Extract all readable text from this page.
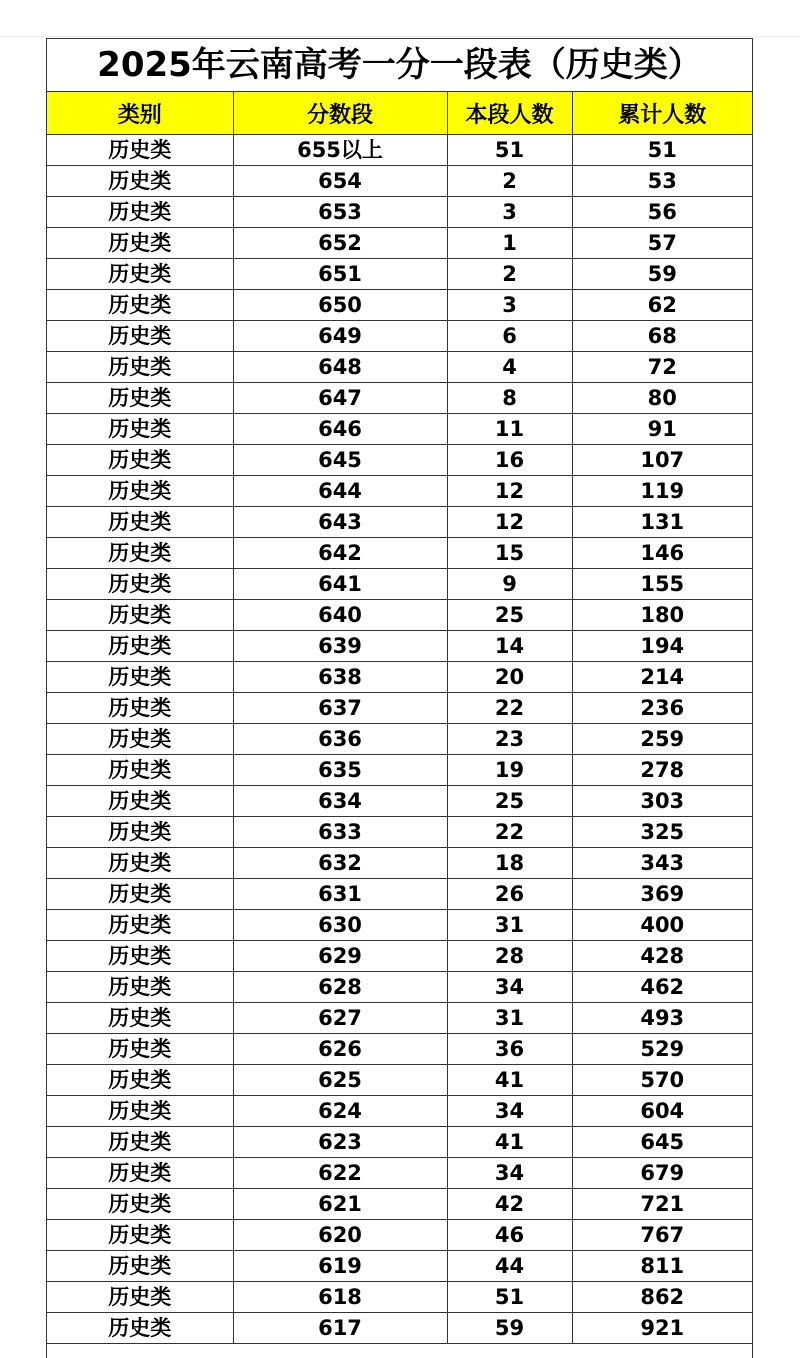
2025年云南高考一分一段表（历史类）
类别	分数段	本段人数	累计人数
历史类	655以上	51	51
历史类	654	2	53
历史类	653	3	56
历史类	652	1	57
历史类	651	2	59
历史类	650	3	62
历史类	649	6	68
历史类	648	4	72
历史类	647	8	80
历史类	646	11	91
历史类	645	16	107
历史类	644	12	119
历史类	643	12	131
历史类	642	15	146
历史类	641	9	155
历史类	640	25	180
历史类	639	14	194
历史类	638	20	214
历史类	637	22	236
历史类	636	23	259
历史类	635	19	278
历史类	634	25	303
历史类	633	22	325
历史类	632	18	343
历史类	631	26	369
历史类	630	31	400
历史类	629	28	428
历史类	628	34	462
历史类	627	31	493
历史类	626	36	529
历史类	625	41	570
历史类	624	34	604
历史类	623	41	645
历史类	622	34	679
历史类	621	42	721
历史类	620	46	767
历史类	619	44	811
历史类	618	51	862
历史类	617	59	921
